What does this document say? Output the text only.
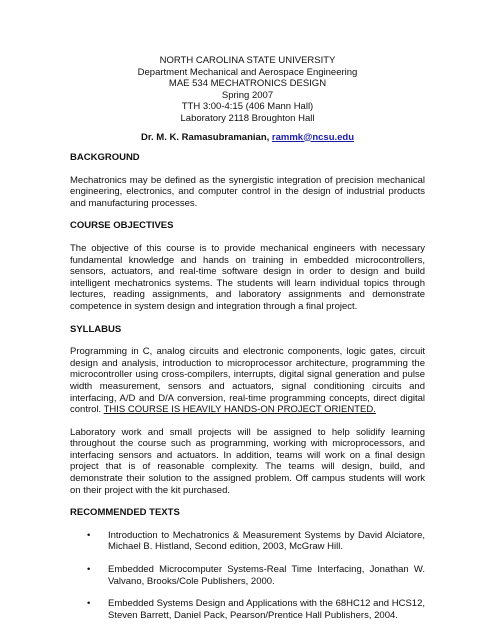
NORTH CAROLINA STATE UNIVERSITY
Department Mechanical and Aerospace Engineering
MAE 534 MECHATRONICS DESIGN
Spring 2007
TTH 3:00-4:15 (406 Mann Hall)
Laboratory 2118 Broughton Hall
Dr. M. K. Ramasubramanian, rammk@ncsu.edu
BACKGROUND

Mechatronics may be defined as the synergistic integration of precision mechanical engineering, electronics, and computer control in the design of industrial products and manufacturing processes.

COURSE OBJECTIVES

The objective of this course is to provide mechanical engineers with necessary fundamental knowledge and hands on training in embedded microcontrollers, sensors, actuators, and real-time software design in order to design and build intelligent mechatronics systems. The students will learn individual topics through lectures, reading assignments, and laboratory assignments and demonstrate competence in system design and integration through a final project.

SYLLABUS

Programming in C, analog circuits and electronic components, logic gates, circuit design and analysis, introduction to microprocessor architecture, programming the microcontroller using cross-compilers, interrupts, digital signal generation and pulse width measurement, sensors and actuators, signal conditioning circuits and interfacing, A/D and D/A conversion, real-time programming concepts, direct digital control. THIS COURSE IS HEAVILY HANDS-ON PROJECT ORIENTED.

Laboratory work and small projects will be assigned to help solidify learning throughout the course such as programming, working with microprocessors, and interfacing sensors and actuators. In addition, teams will work on a final design project that is of reasonable complexity. The teams will design, build, and demonstrate their solution to the assigned problem. Off campus students will work on their project with the kit purchased.

RECOMMENDED TEXTS
• Introduction to Mechatronics & Measurement Systems by David Alciatore, Michael B. Histland, Second edition, 2003, McGraw Hill.
• Embedded Microcomputer Systems-Real Time Interfacing, Jonathan W. Valvano, Brooks/Cole Publishers, 2000.
• Embedded Systems Design and Applications with the 68HC12 and HCS12, Steven Barrett, Daniel Pack, Pearson/Prentice Hall Publishers, 2004.
